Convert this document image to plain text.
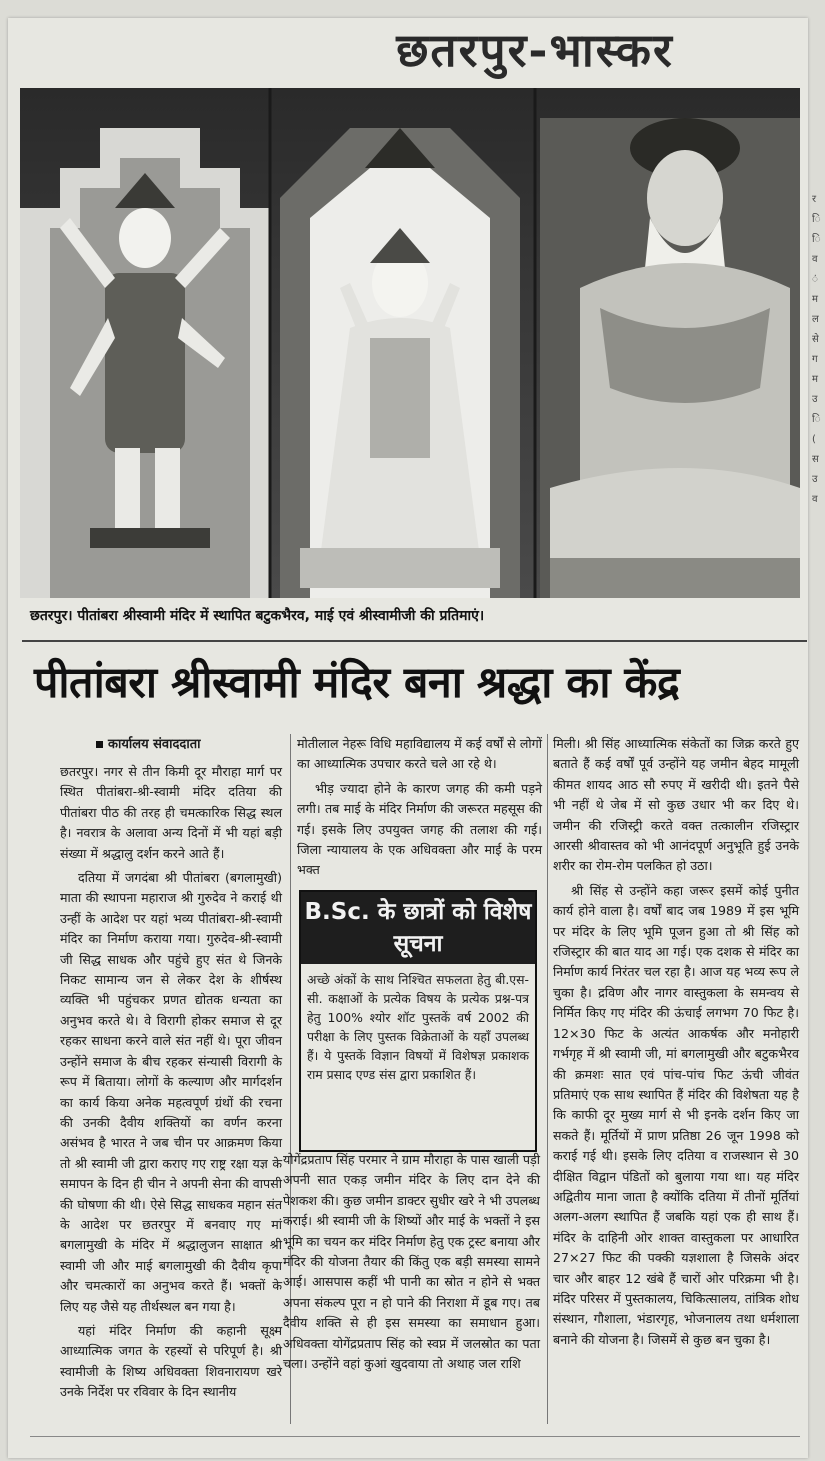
छतरपुर-भास्कर
छतरपुर। पीतांबरा श्रीस्वामी मंदिर में स्थापित बटुकभैरव, माई एवं श्रीस्वामीजी की प्रतिमाएं।
पीतांबरा श्रीस्वामी मंदिर बना श्रद्धा का केंद्र
कार्यालय संवाददाता

छतरपुर। नगर से तीन किमी दूर मौराहा मार्ग पर स्थित पीतांबरा-श्री-स्वामी मंदिर दतिया की पीतांबरा पीठ की तरह ही चमत्कारिक सिद्ध स्थल है। नवरात्र के अलावा अन्य दिनों में भी यहां बड़ी संख्या में श्रद्धालु दर्शन करने आते हैं।

दतिया में जगदंबा श्री पीतांबरा (बगलामुखी) माता की स्थापना महाराज श्री गुरुदेव ने कराई थी उन्हीं के आदेश पर यहां भव्य पीतांबरा-श्री-स्वामी मंदिर का निर्माण कराया गया। गुरुदेव-श्री-स्वामी जी सिद्ध साधक और पहुंचे हुए संत थे जिनके निकट सामान्य जन से लेकर देश के शीर्षस्थ व्यक्ति भी पहुंचकर प्रणत द्योतक धन्यता का अनुभव करते थे। वे विरागी होकर समाज से दूर रहकर साधना करने वाले संत नहीं थे। पूरा जीवन उन्होंने समाज के बीच रहकर संन्यासी विरागी के रूप में बिताया। लोगों के कल्याण और मार्गदर्शन का कार्य किया अनेक महत्वपूर्ण ग्रंथों की रचना की उनकी दैवीय शक्तियों का वर्णन करना असंभव है भारत ने जब चीन पर आक्रमण किया तो श्री स्वामी जी द्वारा कराए गए राष्ट्र रक्षा यज्ञ के समापन के दिन ही चीन ने अपनी सेना की वापसी की घोषणा की थी। ऐसे सिद्ध साधकव महान संत के आदेश पर छतरपुर में बनवाए गए मां बगलामुखी के मंदिर में श्रद्धालुजन साक्षात श्री स्वामी जी और माई बगलामुखी की दैवीय कृपा और चमत्कारों का अनुभव करते हैं। भक्तों के लिए यह जैसे यह तीर्थस्थल बन गया है।

यहां मंदिर निर्माण की कहानी सूक्ष्म आध्यात्मिक जगत के रहस्यों से परिपूर्ण है। श्री स्वामीजी के शिष्य अधिवक्ता शिवनारायण खरे उनके निर्देश पर रविवार के दिन स्थानीय

मोतीलाल नेहरू विधि महाविद्यालय में कई वर्षों से लोगों का आध्यात्मिक उपचार करते चले आ रहे थे।

भीड़ ज्यादा होने के कारण जगह की कमी पड़ने लगी। तब माई के मंदिर निर्माण की जरूरत महसूस की गई। इसके लिए उपयुक्त जगह की तलाश की गई। जिला न्यायालय के एक अधिवक्ता और माई के परम भक्त

B.Sc. के छात्रों को विशेष सूचना
अच्छे अंकों के साथ निश्चित सफलता हेतु बी.एस-सी. कक्षाओं के प्रत्येक विषय के प्रत्येक प्रश्न-पत्र हेतु 100% श्योर शॉट पुस्तकें वर्ष 2002 की परीक्षा के लिए पुस्तक विक्रेताओं के यहाँ उपलब्ध हैं। ये पुस्तकें विज्ञान विषयों में विशेषज्ञ प्रकाशक राम प्रसाद एण्ड संस द्वारा प्रकाशित हैं।

योगेंद्रप्रताप सिंह परमार ने ग्राम मौराहा के पास खाली पड़ी अपनी सात एकड़ जमीन मंदिर के लिए दान देने की पेशकश की। कुछ जमीन डाक्टर सुधीर खरे ने भी उपलब्ध कराई। श्री स्वामी जी के शिष्यों और माई के भक्तों ने इस भूमि का चयन कर मंदिर निर्माण हेतु एक ट्रस्ट बनाया और मंदिर की योजना तैयार की किंतु एक बड़ी समस्या सामने आई। आसपास कहीं भी पानी का स्रोत न होने से भक्त अपना संकल्प पूरा न हो पाने की निराशा में डूब गए। तब दैवीय शक्ति से ही इस समस्या का समाधान हुआ। अधिवक्ता योगेंद्रप्रताप सिंह को स्वप्न में जलस्रोत का पता चला। उन्होंने वहां कुआं खुदवाया तो अथाह जल राशि

मिली। श्री सिंह आध्यात्मिक संकेतों का जिक्र करते हुए बताते हैं कई वर्षों पूर्व उन्होंने यह जमीन बेहद मामूली कीमत शायद आठ सौ रुपए में खरीदी थी। इतने पैसे भी नहीं थे जेब में सो कुछ उधार भी कर दिए थे। जमीन की रजिस्ट्री करते वक्त तत्कालीन रजिस्ट्रार आरसी श्रीवास्तव को भी आनंदपूर्ण अनुभूति हुई उनके शरीर का रोम-रोम पलकित हो उठा।

श्री सिंह से उन्होंने कहा जरूर इसमें कोई पुनीत कार्य होने वाला है। वर्षों बाद जब 1989 में इस भूमि पर मंदिर के लिए भूमि पूजन हुआ तो श्री सिंह को रजिस्ट्रार की बात याद आ गई। एक दशक से मंदिर का निर्माण कार्य निरंतर चल रहा है। आज यह भव्य रूप ले चुका है। द्रविण और नागर वास्तुकला के समन्वय से निर्मित किए गए मंदिर की ऊंचाई लगभग 70 फिट है। 12×30 फिट के अत्यंत आकर्षक और मनोहारी गर्भगृह में श्री स्वामी जी, मां बगलामुखी और बटुकभैरव की क्रमशः सात एवं पांच-पांच फिट ऊंची जीवंत प्रतिमाएं एक साथ स्थापित हैं मंदिर की विशेषता यह है कि काफी दूर मुख्य मार्ग से भी इनके दर्शन किए जा सकते हैं। मूर्तियों में प्राण प्रतिष्ठा 26 जून 1998 को कराई गई थी। इसके लिए दतिया व राजस्थान से 30 दीक्षित विद्वान पंडितों को बुलाया गया था। यह मंदिर अद्वितीय माना जाता है क्योंकि दतिया में तीनों मूर्तियां अलग-अलग स्थापित हैं जबकि यहां एक ही साथ हैं। मंदिर के दाहिनी ओर शाक्त वास्तुकला पर आधारित 27×27 फिट की पक्की यज्ञशाला है जिसके अंदर चार और बाहर 12 खंबे हैं चारों ओर परिक्रमा भी है। मंदिर परिसर में पुस्तकालय, चिकित्सालय, तांत्रिक शोध संस्थान, गौशाला, भंडारगृह, भोजनालय तथा धर्मशाला बनाने की योजना है। जिसमें से कुछ बन चुका है।

र ि ि व ं म ल से ग म उ ि ( स उ व
